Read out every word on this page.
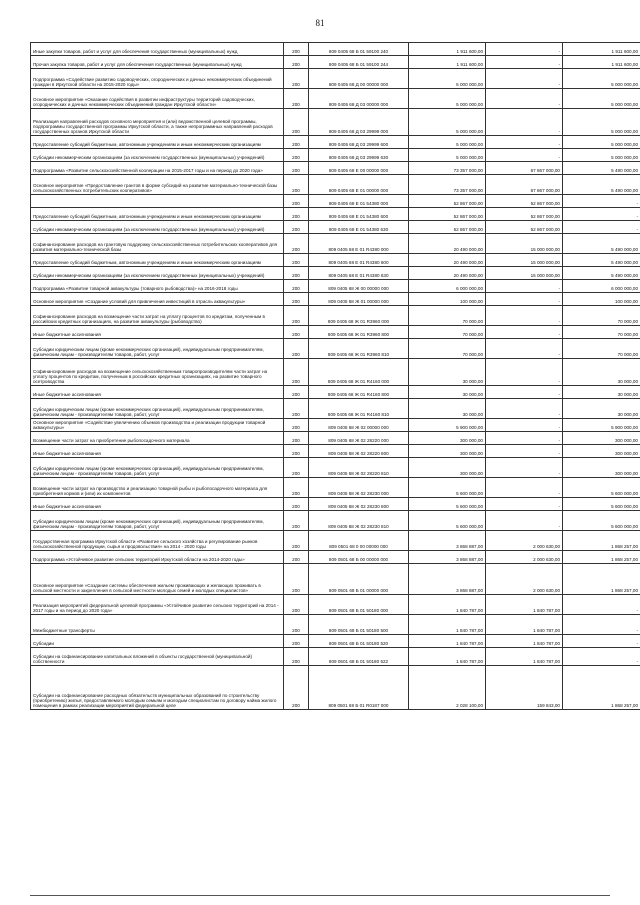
81
Иные закупки товаров, работ и услуг для обеспечения государственных (муниципальных) нужд	200	809 0405 68 Б 01 59100 240	1 911 600,00	-	1 911 600,00
Прочая закупка товаров, работ и услуг для обеспечения государственных (муниципальных) нужд	200	809 0405 68 Б 01 59100 244	1 911 600,00	-	1 911 600,00
Подпрограмма «Содействие развитию садоводческих, огороднических и дачных некоммерческих объединений граждан в Иркутской области на 2015-2020 годы»	200	809 0405 68 Д 00 00000 000	5 000 000,00	-	5 000 000,00
Основное мероприятие «Оказание содействия в развитии инфраструктуры территорий садоводческих, огороднических и дачных некоммерческих объединений граждан Иркутской области»	200	809 0405 68 Д 03 00000 000	5 000 000,00	-	5 000 000,00
Реализация направлений расходов основного мероприятия и (или) ведомственной целевой программы, подпрограммы государственной программы Иркутской области, а также непрограммных направлений расходов государственных органов Иркутской области	200	809 0405 68 Д 03 29999 000	5 000 000,00	-	5 000 000,00
Предоставление субсидий бюджетным, автономным учреждениям и иным некоммерческим организациям	200	809 0405 68 Д 03 29999 600	5 000 000,00	-	5 000 000,00
Субсидии некоммерческим организациям (за исключением государственных (муниципальных) учреждений)	200	809 0405 68 Д 03 29999 630	5 000 000,00	-	5 000 000,00
Подпрограмма «Развитие сельскохозяйственной кооперации на 2015-2017 годы и на период до 2020 года»	200	809 0405 68 Е 00 00000 000	73 357 000,00	67 867 000,00	5 490 000,00
Основное мероприятие «Предоставление грантов в форме субсидий на развитие материально-технической базы сельскохозяйственных потребительских кооперативов»	200	809 0405 68 Е 01 00000 000	73 357 000,00	67 867 000,00	5 490 000,00
	200	809 0405 68 Е 01 54380 000	52 867 000,00	52 867 000,00	-
Предоставление субсидий бюджетным, автономным учреждениям и иным некоммерческим организациям	200	809 0405 68 Е 01 54380 600	52 867 000,00	52 867 000,00	-
Субсидии некоммерческим организациям (за исключением государственных (муниципальных) учреждений)	200	809 0405 68 Е 01 54380 630	52 867 000,00	52 867 000,00	-
Софинансирование расходов на грантовую поддержку сельскохозяйственных потребительских кооперативов для развития материально-технической базы	200	809 0405 68 Е 01 R4380 000	20 490 000,00	15 000 000,00	5 490 000,00
Предоставление субсидий бюджетным, автономным учреждениям и иным некоммерческим организациям	200	809 0405 68 Е 01 R4380 600	20 490 000,00	15 000 000,00	5 490 000,00
Субсидии некоммерческим организациям (за исключением государственных (муниципальных) учреждений)	200	809 0405 68 Е 01 R4380 630	20 490 000,00	15 000 000,00	5 490 000,00
Подпрограмма «Развитие товарной аквакультуры (товарного рыбоводства)» на 2016-2018 годы	200	809 0405 68 Ж 00 00000 000	6 000 000,00	-	6 000 000,00
Основное мероприятие «Создание условий для привлечения инвестиций в отрасль аквакультуры»	200	809 0405 68 Ж 01 00000 000	100 000,00	-	100 000,00
Софинансирование расходов на возмещение части затрат на уплату процентов по кредитам, полученным в российских кредитных организациях, на развитие аквакультуры (рыбоводство)	200	809 0405 68 Ж 01 R3960 000	70 000,00	-	70 000,00
Иные бюджетные ассигнования	200	809 0405 68 Ж 01 R3960 800	70 000,00	-	70 000,00
Субсидии юридическим лицам (кроме некоммерческих организаций), индивидуальным предпринимателям, физическим лицам - производителям товаров, работ, услуг	200	809 0405 68 Ж 01 R3960 810	70 000,00	-	70 000,00
Софинансирование расходов на возмещение сельскохозяйственным товаропроизводителям части затрат на уплату процентов по кредитам, полученным в российских кредитных организациях, на развитие товарного осетроводства	200	809 0405 68 Ж 01 R4160 000	30 000,00	-	30 000,00
Иные бюджетные ассигнования	200	809 0405 68 Ж 01 R4160 800	30 000,00	-	30 000,00
Субсидии юридическим лицам (кроме некоммерческих организаций), индивидуальным предпринимателям, физическим лицам - производителям товаров, работ, услуг	200	809 0405 68 Ж 01 R4160 810	30 000,00	-	30 000,00
Основное мероприятие «Содействие увеличению объемов производства и реализации продукции товарной аквакультуры»	200	809 0405 68 Ж 02 00000 000	5 900 000,00	-	5 900 000,00
Возмещение части затрат на приобретение рыбопосадочного материала	200	809 0405 68 Ж 02 28220 000	300 000,00	-	300 000,00
Иные бюджетные ассигнования	200	809 0405 68 Ж 02 28220 800	300 000,00	-	300 000,00
Субсидии юридическим лицам (кроме некоммерческих организаций), индивидуальным предпринимателям, физическим лицам - производителям товаров, работ, услуг	200	809 0405 68 Ж 02 28220 810	300 000,00	-	300 000,00
Возмещение части затрат на производство и реализацию товарной рыбы и рыбопосадочного материала для приобретения кормов и (или) их компонентов	200	809 0405 68 Ж 02 28230 000	5 600 000,00	-	5 600 000,00
Иные бюджетные ассигнования	200	809 0405 68 Ж 02 28230 800	5 600 000,00	-	5 600 000,00
Субсидии юридическим лицам (кроме некоммерческих организаций), индивидуальным предпринимателям, физическим лицам - производителям товаров, работ, услуг	200	809 0405 68 Ж 02 28230 810	5 600 000,00	-	5 600 000,00
Государственная программа Иркутской области «Развитие сельского хозяйства и регулирование рынков сельскохозяйственной продукции, сырья и продовольствия» на 2014 - 2020 годы	200	809 0501 68 0 00 00000 000	3 868 887,00	2 000 630,00	1 868 257,00
Подпрограмма «Устойчивое развитие сельских территорий Иркутской области на 2014-2020 годы»	200	809 0501 68 Б 00 00000 000	3 868 887,00	2 000 630,00	1 868 257,00
Основное мероприятие «Создание системы обеспечения жильем проживающих и желающих проживать в сельской местности и закрепления в сельской местности молодых семей и молодых специалистов»	200	809 0501 68 Б 01 00000 000	3 868 887,00	2 000 630,00	1 868 257,00
Реализация мероприятий федеральной целевой программы «Устойчивое развитие сельских территорий на 2014 - 2017 годы и на период до 2020 года»	200	809 0501 68 Б 01 50180 000	1 840 787,00	1 840 787,00	-
Межбюджетные трансферты	200	809 0501 68 Б 01 50180 500	1 840 787,00	1 840 787,00	-
Субсидии	200	809 0501 68 Б 01 50180 520	1 840 787,00	1 840 787,00	-
Субсидии на софинансирование капитальных вложений в объекты государственной (муниципальной) собственности	200	809 0501 68 Б 01 50180 522	1 840 787,00	1 840 787,00	-
Субсидии на софинансирование расходных обязательств муниципальных образований по строительству (приобретению) жилья, предоставляемого молодым семьям и молодым специалистам по договору найма жилого помещения в рамках реализации мероприятий федеральной целе	200	809 0501 68 Б 01 R0187 000	2 028 100,00	159 843,00	1 868 257,00
